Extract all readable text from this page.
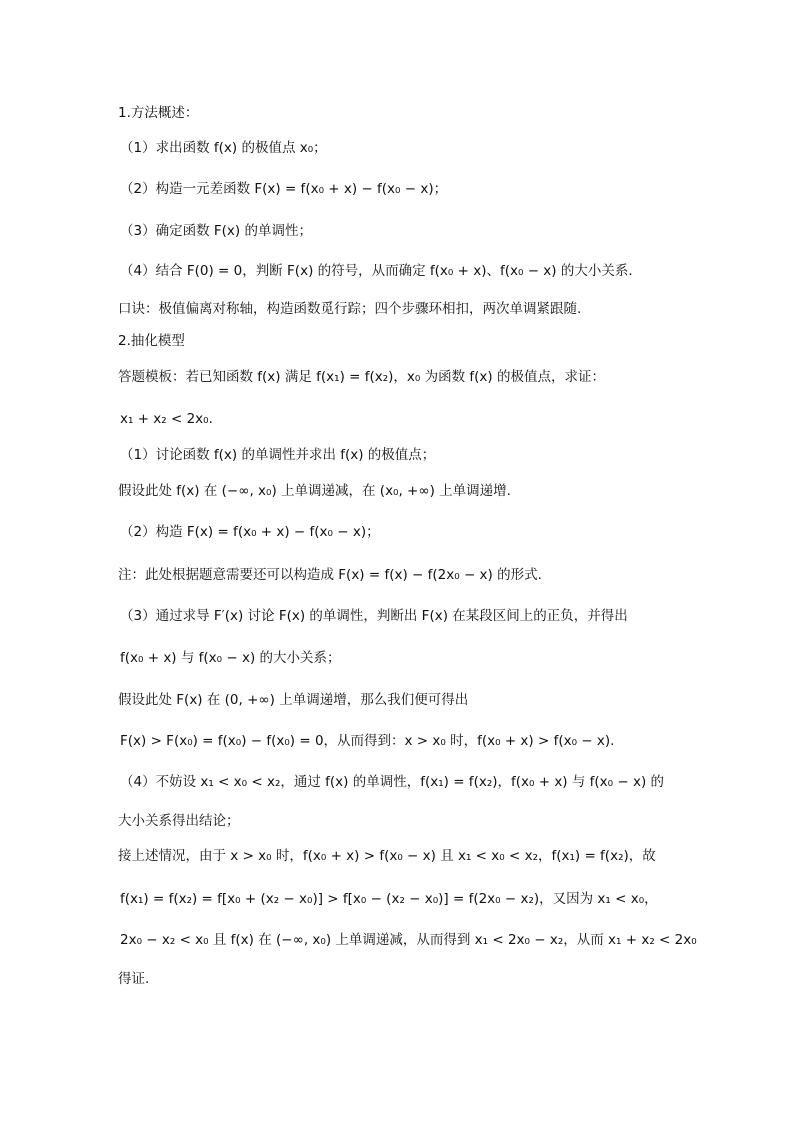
1.方法概述：
（1）求出函数 f(x) 的极值点 x₀；
（2）构造一元差函数 F(x) = f(x₀ + x) − f(x₀ − x)；
（3）确定函数 F(x) 的单调性；
（4）结合 F(0) = 0，判断 F(x) 的符号，从而确定 f(x₀ + x)、f(x₀ − x) 的大小关系.
口诀：极值偏离对称轴，构造函数觅行踪；四个步骤环相扣，两次单调紧跟随.
2.抽化模型
答题模板：若已知函数 f(x) 满足 f(x₁) = f(x₂)，x₀ 为函数 f(x) 的极值点，求证：
x₁ + x₂ < 2x₀.
（1）讨论函数 f(x) 的单调性并求出 f(x) 的极值点；
假设此处 f(x) 在 (−∞, x₀) 上单调递减，在 (x₀, +∞) 上单调递增.
（2）构造 F(x) = f(x₀ + x) − f(x₀ − x)；
注：此处根据题意需要还可以构造成 F(x) = f(x) − f(2x₀ − x) 的形式.
（3）通过求导 F′(x) 讨论 F(x) 的单调性，判断出 F(x) 在某段区间上的正负，并得出
f(x₀ + x) 与 f(x₀ − x) 的大小关系；
假设此处 F(x) 在 (0, +∞) 上单调递增，那么我们便可得出
F(x) > F(x₀) = f(x₀) − f(x₀) = 0，从而得到：x > x₀ 时，f(x₀ + x) > f(x₀ − x).
（4）不妨设 x₁ < x₀ < x₂，通过 f(x) 的单调性，f(x₁) = f(x₂)，f(x₀ + x) 与 f(x₀ − x) 的
大小关系得出结论；
接上述情况，由于 x > x₀ 时，f(x₀ + x) > f(x₀ − x) 且 x₁ < x₀ < x₂，f(x₁) = f(x₂)，故
f(x₁) = f(x₂) = f[x₀ + (x₂ − x₀)] > f[x₀ − (x₂ − x₀)] = f(2x₀ − x₂)，又因为 x₁ < x₀，
2x₀ − x₂ < x₀ 且 f(x) 在 (−∞, x₀) 上单调递减，从而得到 x₁ < 2x₀ − x₂，从而 x₁ + x₂ < 2x₀
得证.
